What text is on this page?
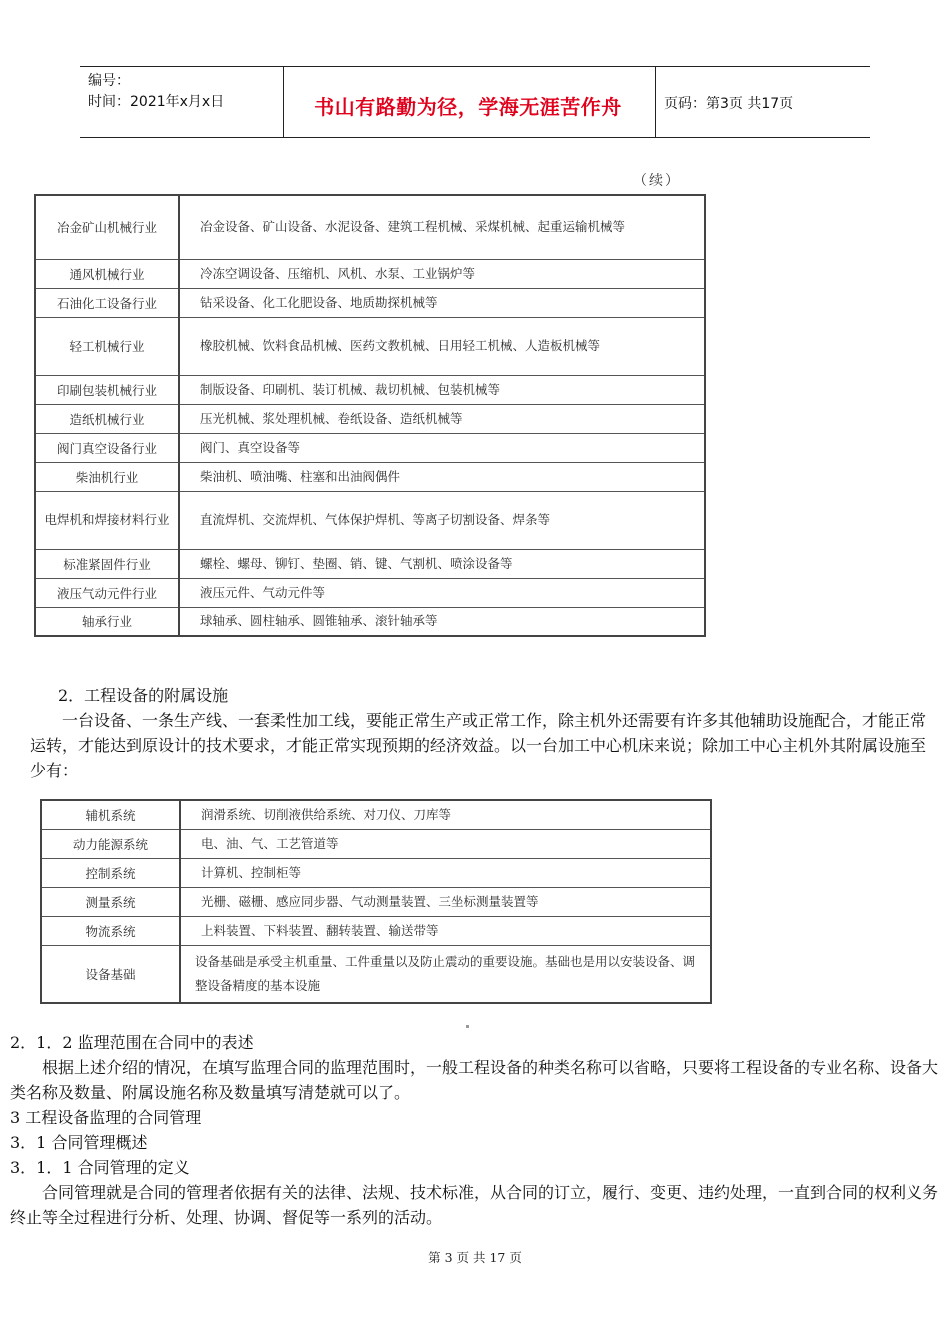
编号：
时间：2021年x月x日	书山有路勤为径，学海无涯苦作舟	页码：第3页 共17页
（续）
冶金矿山机械行业	冶金设备、矿山设备、水泥设备、建筑工程机械、采煤机械、起重运输机械等
通风机械行业	冷冻空调设备、压缩机、风机、水泵、工业锅炉等
石油化工设备行业	钻采设备、化工化肥设备、地质勘探机械等
轻工机械行业	橡胶机械、饮料食品机械、医药文教机械、日用轻工机械、人造板机械等
印刷包装机械行业	制版设备、印刷机、装订机械、裁切机械、包装机械等
造纸机械行业	压光机械、浆处理机械、卷纸设备、造纸机械等
阀门真空设备行业	阀门、真空设备等
柴油机行业	柴油机、喷油嘴、柱塞和出油阀偶件
电焊机和焊接材料行业	直流焊机、交流焊机、气体保护焊机、等离子切割设备、焊条等
标准紧固件行业	螺栓、螺母、铆钉、垫圈、销、键、气割机、喷涂设备等
液压气动元件行业	液压元件、气动元件等
轴承行业	球轴承、圆柱轴承、圆锥轴承、滚针轴承等
2．工程设备的附属设施
一台设备、一条生产线、一套柔性加工线，要能正常生产或正常工作，除主机外还需要有许多其他辅助设施配合，才能正常运转，才能达到原设计的技术要求，才能正常实现预期的经济效益。以一台加工中心机床来说；除加工中心主机外其附属设施至少有：
辅机系统	润滑系统、切削液供给系统、对刀仪、刀库等
动力能源系统	电、油、气、工艺管道等
控制系统	计算机、控制柜等
测量系统	光栅、磁栅、感应同步器、气动测量装置、三坐标测量装置等
物流系统	上料装置、下料装置、翻转装置、输送带等
设备基础	设备基础是承受主机重量、工件重量以及防止震动的重要设施。基础也是用以安装设备、调整设备精度的基本设施
2．1．2 监理范围在合同中的表述
根据上述介绍的情况，在填写监理合同的监理范围时，一般工程设备的种类名称可以省略，只要将工程设备的专业名称、设备大类名称及数量、附属设施名称及数量填写清楚就可以了。
3 工程设备监理的合同管理
3．1 合同管理概述
3．1．1 合同管理的定义
合同管理就是合同的管理者依据有关的法律、法规、技术标准，从合同的订立，履行、变更、违约处理，一直到合同的权利义务终止等全过程进行分析、处理、协调、督促等一系列的活动。
第 3 页 共 17 页
